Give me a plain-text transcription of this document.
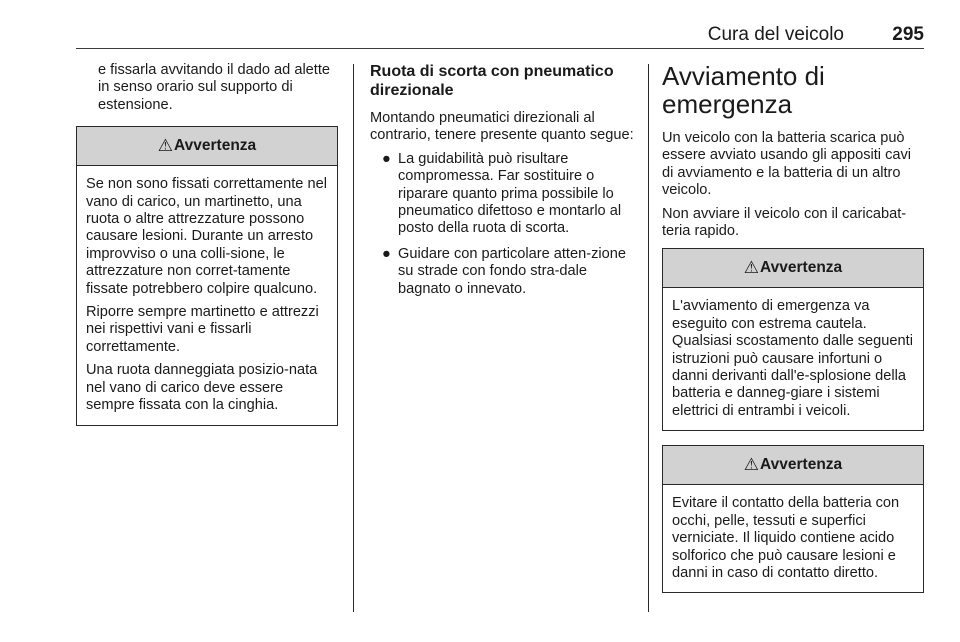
Cura del veicolo	295

e fissarla avvitando il dado ad alette in senso orario sul supporto di estensione.

⚠ Avvertenza

Se non sono fissati correttamente nel vano di carico, un martinetto, una ruota o altre attrezzature possono causare lesioni. Durante un arresto improvviso o una colli-sione, le attrezzature non corret-tamente fissate potrebbero colpire qualcuno.

Riporre sempre martinetto e attrezzi nei rispettivi vani e fissarli correttamente.

Una ruota danneggiata posizio-nata nel vano di carico deve essere sempre fissata con la cinghia.

Ruota di scorta con pneumatico direzionale

Montando pneumatici direzionali al contrario, tenere presente quanto segue:

● La guidabilità può risultare compromessa. Far sostituire o riparare quanto prima possibile lo pneumatico difettoso e montarlo al posto della ruota di scorta.
● Guidare con particolare atten-zione su strade con fondo stra-dale bagnato o innevato.
Avviamento di emergenza

Un veicolo con la batteria scarica può essere avviato usando gli appositi cavi di avviamento e la batteria di un altro veicolo.

Non avviare il veicolo con il caricabat-teria rapido.

⚠ Avvertenza

L'avviamento di emergenza va eseguito con estrema cautela. Qualsiasi scostamento dalle seguenti istruzioni può causare infortuni o danni derivanti dall'e-splosione della batteria e danneg-giare i sistemi elettrici di entrambi i veicoli.

⚠ Avvertenza

Evitare il contatto della batteria con occhi, pelle, tessuti e superfici verniciate. Il liquido contiene acido solforico che può causare lesioni e danni in caso di contatto diretto.
